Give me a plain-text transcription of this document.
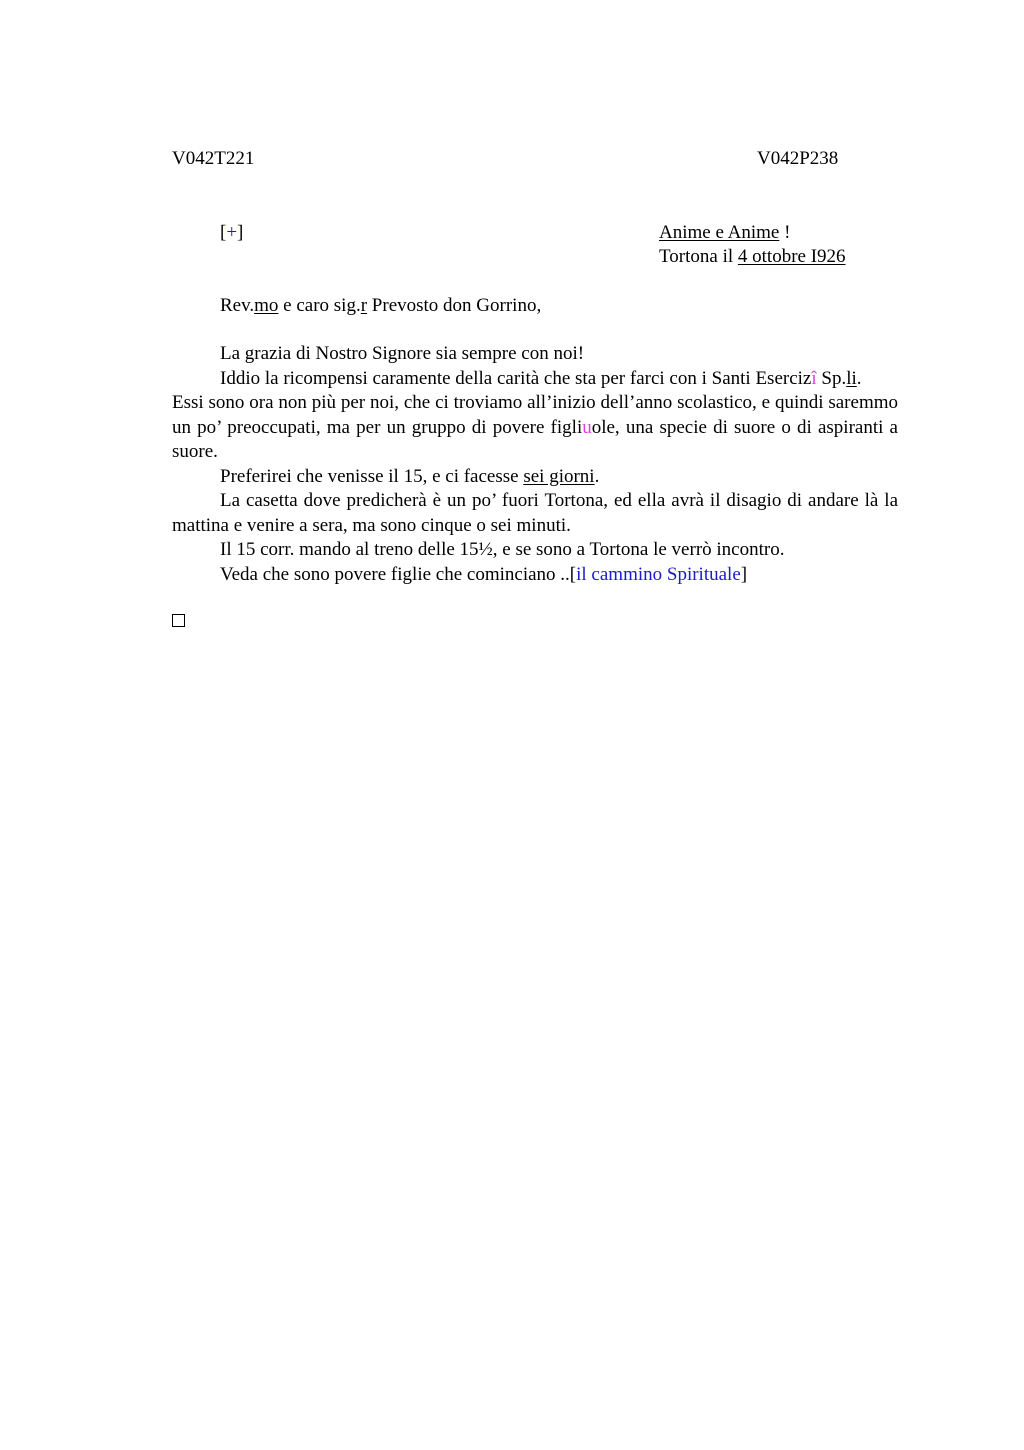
V042T221	V042P238
[+]	Anime e Anime !
Tortona il 4 ottobre I926
Rev.mo e caro sig.r Prevosto don Gorrino,

La grazia di Nostro Signore sia sempre con noi!

Iddio la ricompensi caramente della carità che sta per farci con i Santi Esercizî Sp.li.

Essi sono ora non più per noi, che ci troviamo all’inizio dell’anno scolastico, e quindi saremmo un po’ preoccupati, ma per un gruppo di povere figliuole, una specie di suore o di aspiranti a suore.

Preferirei che venisse il 15, e ci facesse sei giorni.

La casetta dove predicherà è un po’ fuori Tortona, ed ella avrà il disagio di andare là la mattina e venire a sera, ma sono cinque o sei minuti.

Il 15 corr. mando al treno delle 15½, e se sono a Tortona le verrò incontro.

Veda che sono povere figlie che cominciano ..[il cammino Spirituale]
